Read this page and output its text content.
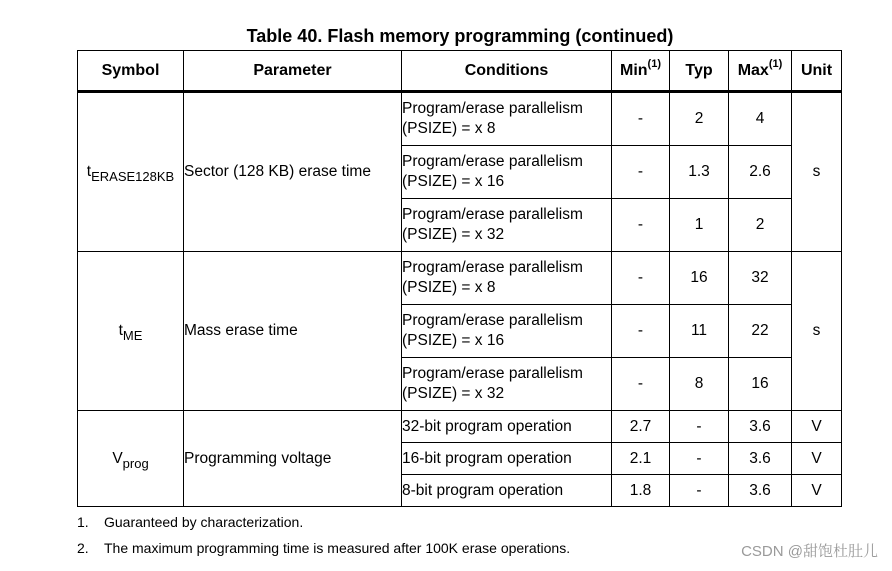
Table 40. Flash memory programming (continued)
Symbol	Parameter	Conditions	Min$^{(1)}$	Typ	Max$^{(1)}$	Unit
$t_{ERASE128KB}$	Sector (128 KB) erase time	Program/erase parallelism
(PSIZE) = x 8	-	2	4	s
		Program/erase parallelism
(PSIZE) = x 16	-	1.3	2.6	
		Program/erase parallelism
(PSIZE) = x 32	-	1	2	
$t_{ME}$	Mass erase time	Program/erase parallelism
(PSIZE) = x 8	-	16	32	s
		Program/erase parallelism
(PSIZE) = x 16	-	11	22	
		Program/erase parallelism
(PSIZE) = x 32	-	8	16	
$V_{prog}$	Programming voltage	32-bit program operation	2.7	-	3.6	V
		16-bit program operation	2.1	-	3.6	V
		8-bit program operation	1.8	-	3.6	V
1. Guaranteed by characterization.
2. The maximum programming time is measured after 100K erase operations.	CSDN @甜饱杜肚儿
